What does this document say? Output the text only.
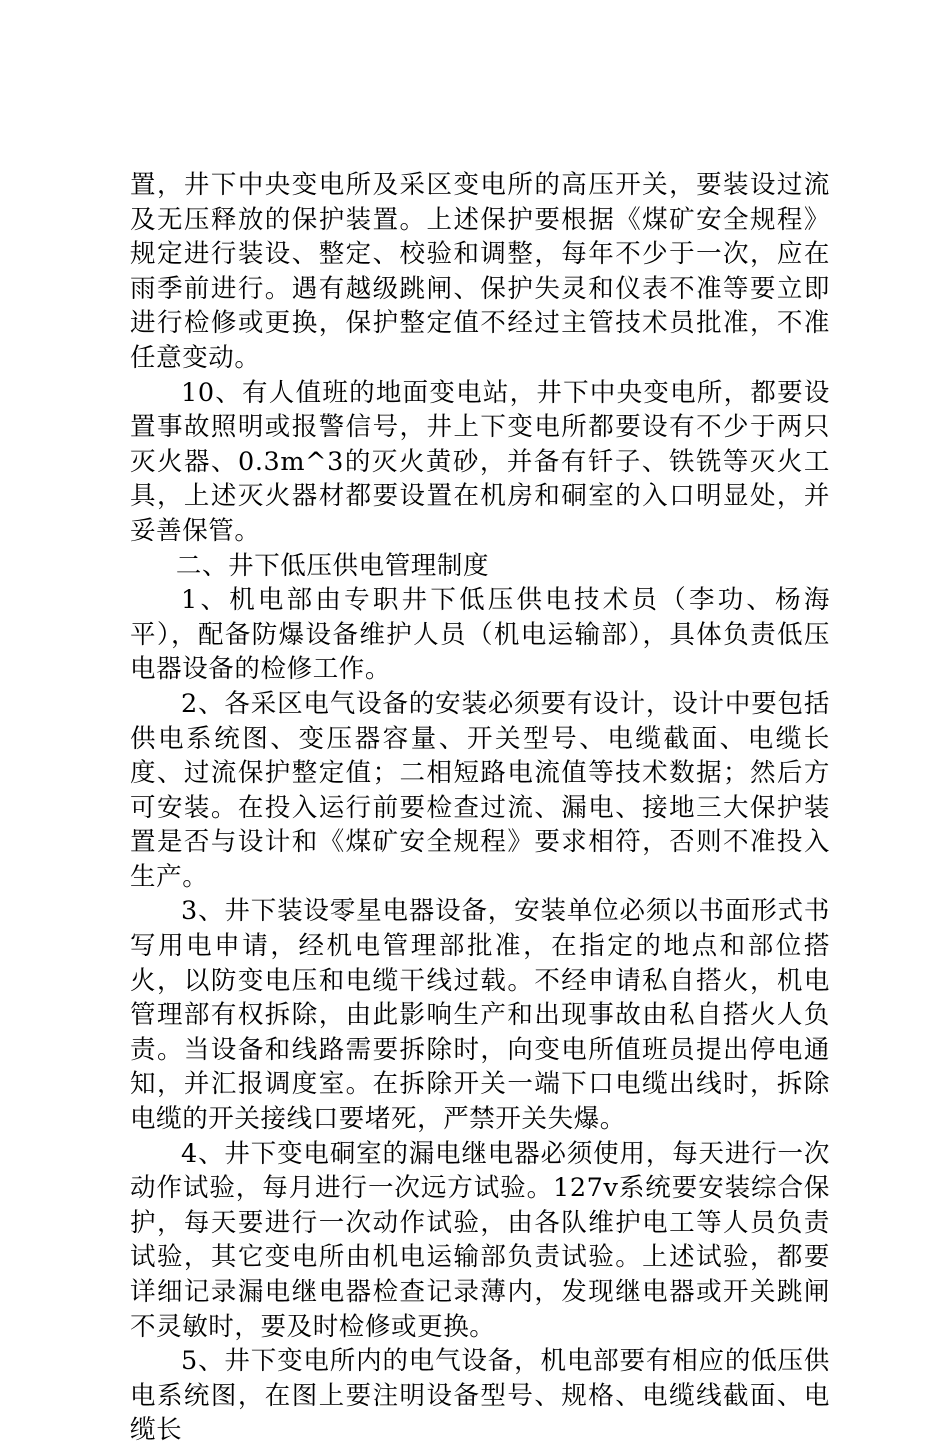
置，井下中央变电所及采区变电所的高压开关，要装设过流及无压释放的保护装置。上述保护要根据《煤矿安全规程》规定进行装设、整定、校验和调整，每年不少于一次，应在雨季前进行。遇有越级跳闸、保护失灵和仪表不准等要立即进行检修或更换，保护整定值不经过主管技术员批准，不准任意变动。

10、有人值班的地面变电站，井下中央变电所，都要设置事故照明或报警信号，井上下变电所都要设有不少于两只灭火器、0.3m^3的灭火黄砂，并备有钎子、铁铣等灭火工具，上述灭火器材都要设置在机房和硐室的入口明显处，并妥善保管。

二、井下低压供电管理制度

1、机电部由专职井下低压供电技术员（李功、杨海平），配备防爆设备维护人员（机电运输部），具体负责低压电器设备的检修工作。

2、各采区电气设备的安装必须要有设计，设计中要包括供电系统图、变压器容量、开关型号、电缆截面、电缆长度、过流保护整定值；二相短路电流值等技术数据；然后方可安装。在投入运行前要检查过流、漏电、接地三大保护装置是否与设计和《煤矿安全规程》要求相符，否则不准投入生产。

3、井下装设零星电器设备，安装单位必须以书面形式书写用电申请，经机电管理部批准，在指定的地点和部位搭火，以防变电压和电缆干线过载。不经申请私自搭火，机电管理部有权拆除，由此影响生产和出现事故由私自搭火人负责。当设备和线路需要拆除时，向变电所值班员提出停电通知，并汇报调度室。在拆除开关一端下口电缆出线时，拆除电缆的开关接线口要堵死，严禁开关失爆。

4、井下变电硐室的漏电继电器必须使用，每天进行一次动作试验，每月进行一次远方试验。127v系统要安装综合保护，每天要进行一次动作试验，由各队维护电工等人员负责试验，其它变电所由机电运输部负责试验。上述试验，都要详细记录漏电继电器检查记录薄内，发现继电器或开关跳闸不灵敏时，要及时检修或更换。

5、井下变电所内的电气设备，机电部要有相应的低压供电系统图，在图上要注明设备型号、规格、电缆线截面、电缆长
